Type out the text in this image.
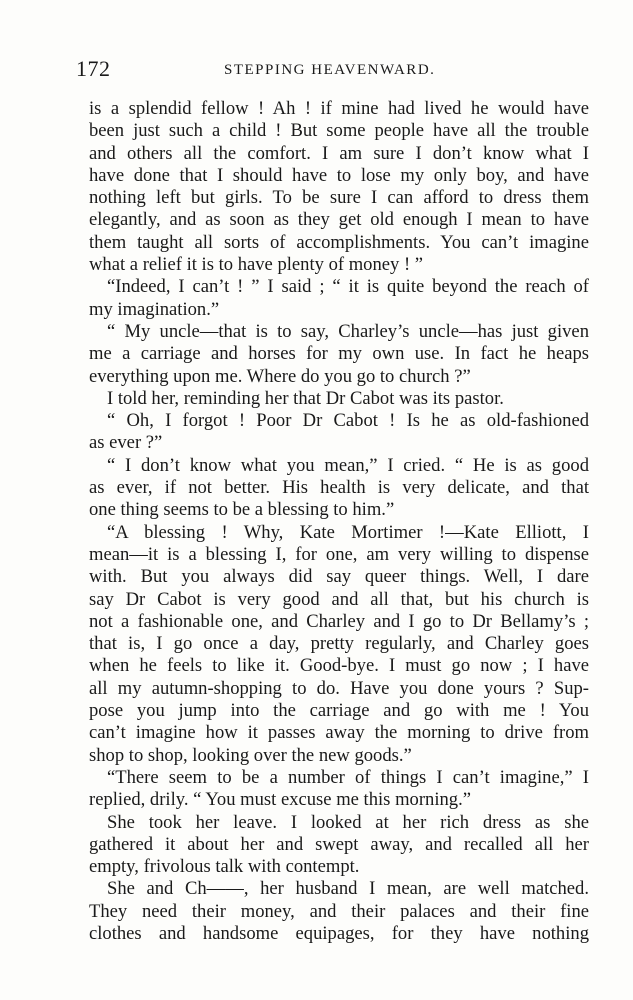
172	STEPPING HEAVENWARD.
is a splendid fellow ! Ah ! if mine had lived he would have
been just such a child ! But some people have all the trouble
and others all the comfort. I am sure I don’t know what I
have done that I should have to lose my only boy, and have
nothing left but girls. To be sure I can afford to dress them
elegantly, and as soon as they get old enough I mean to have
them taught all sorts of accomplishments. You can’t imagine
what a relief it is to have plenty of money ! ”
“Indeed, I can’t ! ” I said ; “ it is quite beyond the reach of
my imagination.”
“ My uncle—that is to say, Charley’s uncle—has just given
me a carriage and horses for my own use. In fact he heaps
everything upon me. Where do you go to church ?”
I told her, reminding her that Dr Cabot was its pastor.
“ Oh, I forgot ! Poor Dr Cabot ! Is he as old-fashioned
as ever ?”
“ I don’t know what you mean,” I cried. “ He is as good
as ever, if not better. His health is very delicate, and that
one thing seems to be a blessing to him.”
“A blessing ! Why, Kate Mortimer !—Kate Elliott, I
mean—it is a blessing I, for one, am very willing to dispense
with. But you always did say queer things. Well, I dare
say Dr Cabot is very good and all that, but his church is
not a fashionable one, and Charley and I go to Dr Bellamy’s ;
that is, I go once a day, pretty regularly, and Charley goes
when he feels to like it. Good-bye. I must go now ; I have
all my autumn-shopping to do. Have you done yours ? Sup-
pose you jump into the carriage and go with me ! You
can’t imagine how it passes away the morning to drive from
shop to shop, looking over the new goods.”
“There seem to be a number of things I can’t imagine,” I
replied, drily. “ You must excuse me this morning.”
She took her leave. I looked at her rich dress as she
gathered it about her and swept away, and recalled all her
empty, frivolous talk with contempt.
She and Ch——, her husband I mean, are well matched.
They need their money, and their palaces and their fine
clothes and handsome equipages, for they have nothing
